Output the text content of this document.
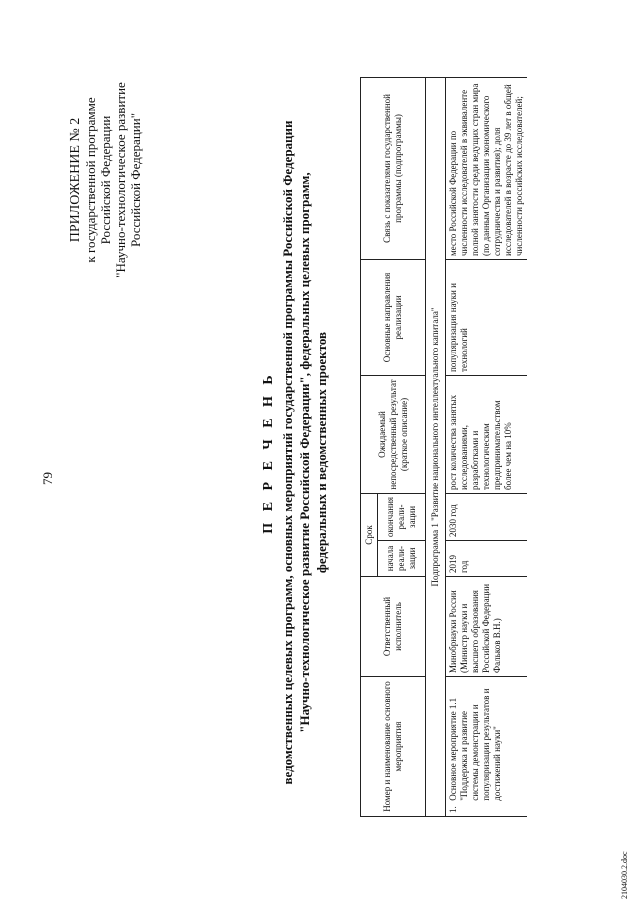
79
ПРИЛОЖЕНИЕ № 2 к государственной программе Российской Федерации "Научно-технологическое развитие Российской Федерации"
П Е Р Е Ч Е Н Ь ведомственных целевых программ, основных мероприятий государственной программы Российской Федерации "Научно-технологическое развитие Российской Федерации", федеральных целевых программ, федеральных и ведомственных проектов
Номер и наименование основного мероприятия	Ответственный исполнитель	Срок		Ожидаемый непосредственный результат (краткое описание)	Основные направления реализации	Связь с показателями государственной программы (подпрограммы)
		начала реали-зации	окончания реали-зации			
Подпрограмма 1 "Развитие национального интеллектуального капитала"						
1. Основное мероприятие 1.1 "Поддержка и развитие системы демонстрации и популяризации результатов и достижений науки"	Минобрнауки России (Министр науки и высшего образования Российской Федерации Фальков В.Н.)	2019 год	2030 год	рост количества занятых исследованиями, разработками и технологическим предпринимательством более чем на 10%	популяризация науки и технологий	место Российской Федерации по численности исследователей в эквиваленте полной занятости среди ведущих стран мира (по данным Организации экономического сотрудничества и развития); доля исследователей в возрасте до 39 лет в общей численности российских исследователей;
2104030.2.doc
